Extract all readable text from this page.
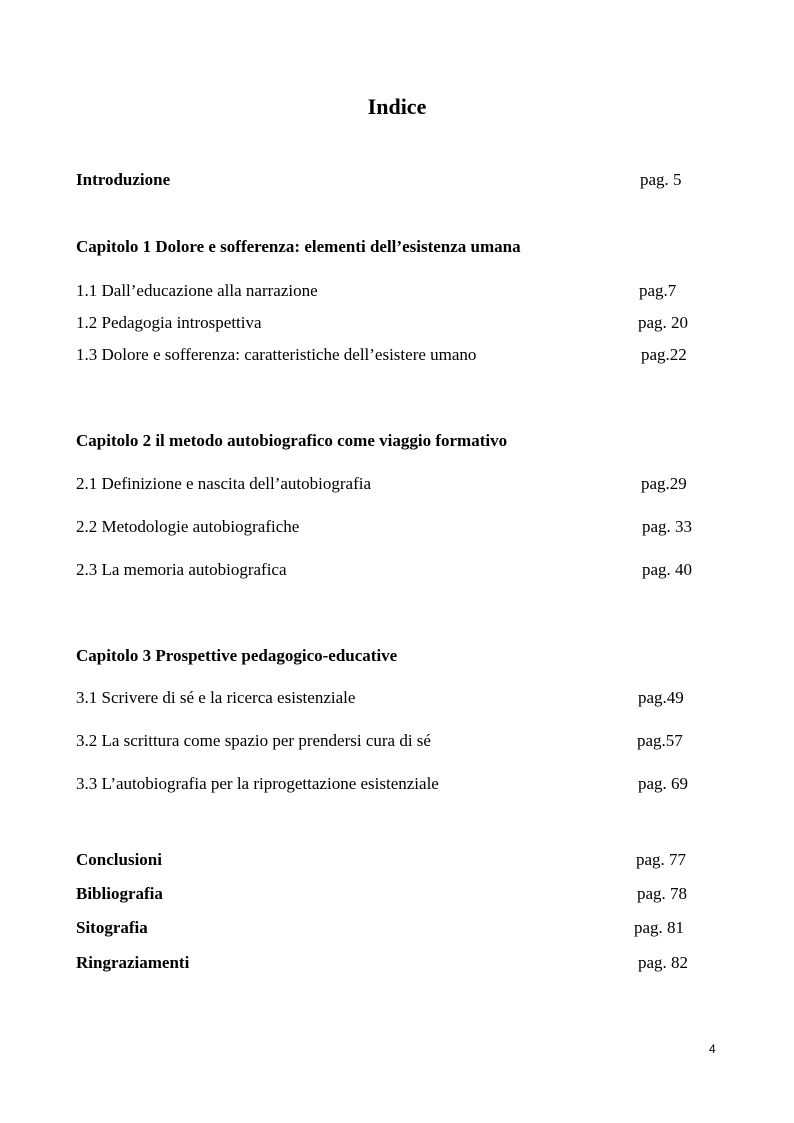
Indice
Introduzione	pag. 5
Capitolo 1 Dolore e sofferenza: elementi dell’esistenza umana
1.1 Dall’educazione alla narrazione	pag.7
1.2 Pedagogia introspettiva	pag. 20
1.3 Dolore e sofferenza: caratteristiche dell’esistere umano	pag.22
Capitolo 2 il metodo autobiografico come viaggio formativo
2.1 Definizione e nascita dell’autobiografia	pag.29
2.2 Metodologie autobiografiche	pag. 33
2.3 La memoria autobiografica	pag. 40
Capitolo 3 Prospettive pedagogico-educative
3.1 Scrivere di sé e la ricerca esistenziale	pag.49
3.2 La scrittura come spazio per prendersi cura di sé	pag.57
3.3 L’autobiografia per la riprogettazione esistenziale	pag. 69
Conclusioni	pag. 77
Bibliografia	pag. 78
Sitografia	pag. 81
Ringraziamenti	pag. 82
4
